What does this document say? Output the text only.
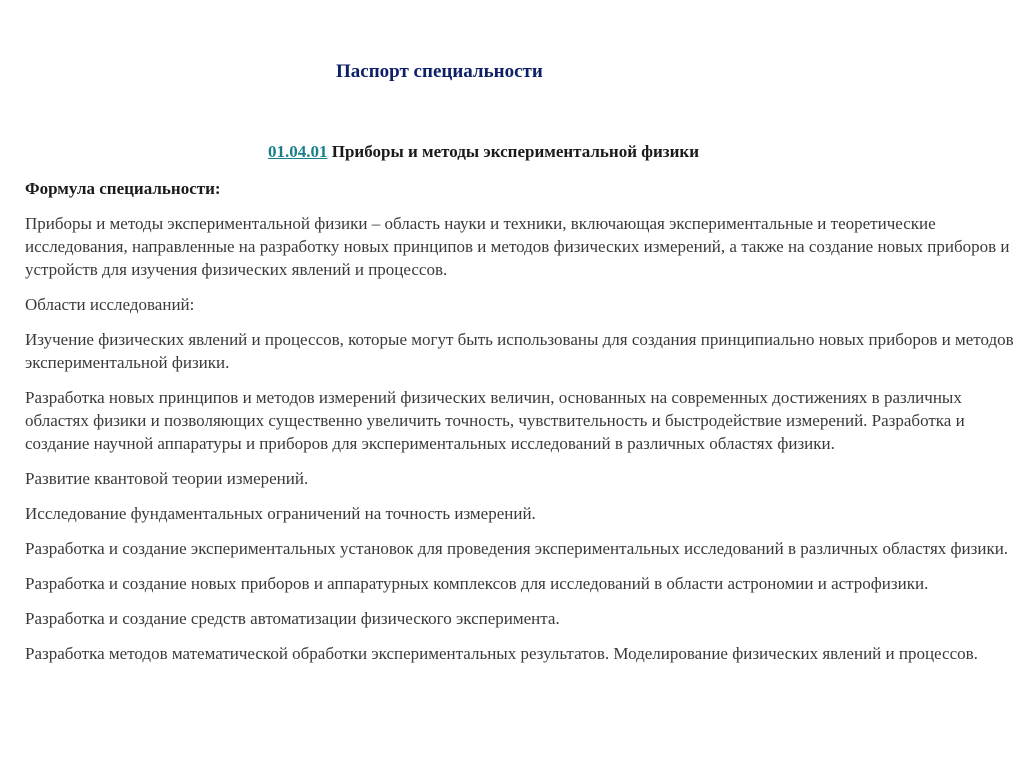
Паспорт специальности

01.04.01 Приборы и методы экспериментальной физики

Формула специальности:

Приборы и методы экспериментальной физики – область науки и техники, включающая экспериментальные и теоретические исследования, направленные на разработку новых принципов и методов физических измерений, а также на создание новых приборов и устройств для изучения физических явлений и процессов.

Области исследований:

Изучение физических явлений и процессов, которые могут быть использованы для создания принципиально новых приборов и методов экспериментальной физики.

Разработка новых принципов и методов измерений физических величин, основанных на современных достижениях в различных областях физики и позволяющих существенно увеличить точность, чувствительность и быстродействие измерений. Разработка и создание научной аппаратуры и приборов для экспериментальных исследований в различных областях физики.

Развитие квантовой теории измерений.

Исследование фундаментальных ограничений на точность измерений.

Разработка и создание экспериментальных установок для проведения экспериментальных исследований в различных областях физики.

Разработка и создание новых приборов и аппаратурных комплексов для исследований в области астрономии и астрофизики.

Разработка и создание средств автоматизации физического эксперимента.

Разработка методов математической обработки экспериментальных результатов. Моделирование физических явлений и процессов.
